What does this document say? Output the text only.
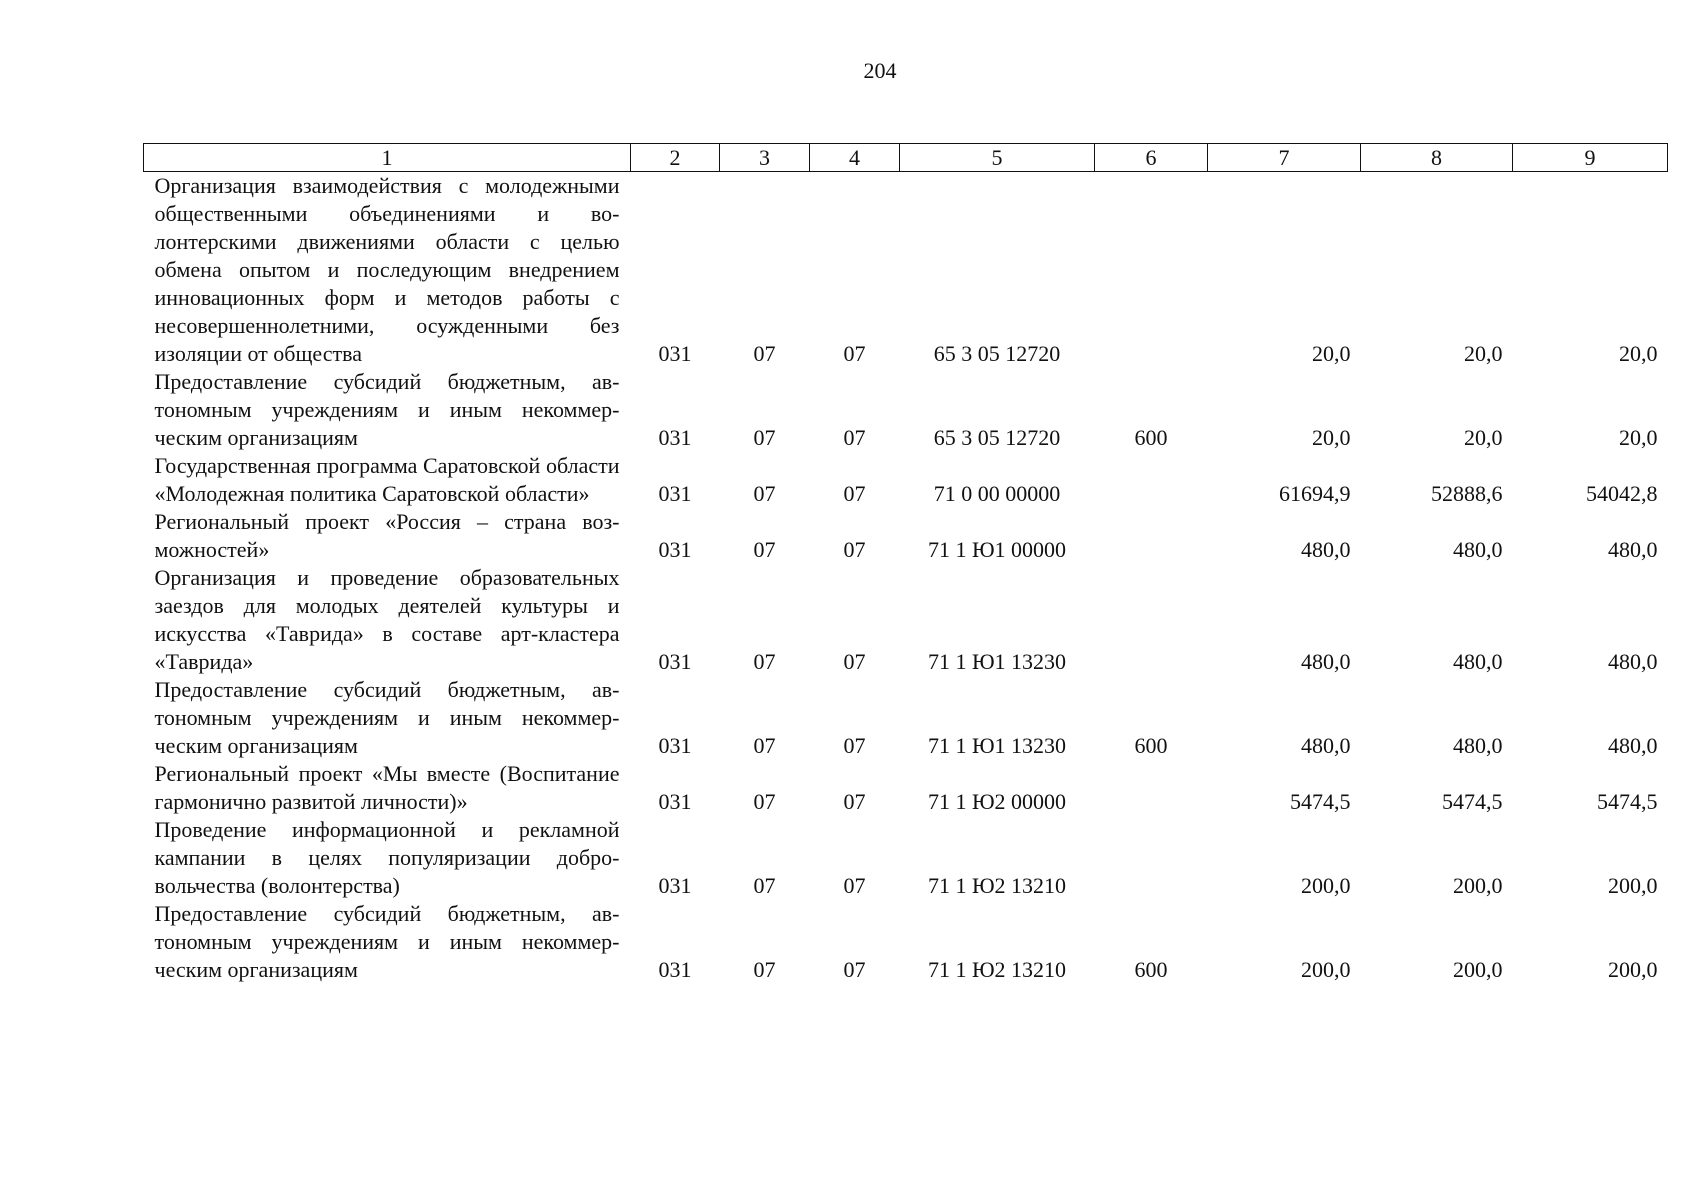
204
1	2	3	4	5	6	7	8	9
Организация взаимодействия с молодежными общественными объединениями и волонтерскими движениями области с целью обмена опытом и последующим внедрением инновационных форм и методов работы с несовершеннолетними, осужденными без изоляции от общества	031	07	07	65 3 05 12720		20,0	20,0	20,0
Предоставление субсидий бюджетным, автономным учреждениям и иным некоммерческим организациям	031	07	07	65 3 05 12720	600	20,0	20,0	20,0
Государственная программа Саратовской области «Молодежная политика Саратовской области»	031	07	07	71 0 00 00000		61694,9	52888,6	54042,8
Региональный проект «Россия – страна возможностей»	031	07	07	71 1 Ю1 00000		480,0	480,0	480,0
Организация и проведение образовательных заездов для молодых деятелей культуры и искусства «Таврида» в составе арт-кластера «Таврида»	031	07	07	71 1 Ю1 13230		480,0	480,0	480,0
Предоставление субсидий бюджетным, автономным учреждениям и иным некоммерческим организациям	031	07	07	71 1 Ю1 13230	600	480,0	480,0	480,0
Региональный проект «Мы вместе (Воспитание гармонично развитой личности)»	031	07	07	71 1 Ю2 00000		5474,5	5474,5	5474,5
Проведение информационной и рекламной кампании в целях популяризации добровольчества (волонтерства)	031	07	07	71 1 Ю2 13210		200,0	200,0	200,0
Предоставление субсидий бюджетным, автономным учреждениям и иным некоммерческим организациям	031	07	07	71 1 Ю2 13210	600	200,0	200,0	200,0
